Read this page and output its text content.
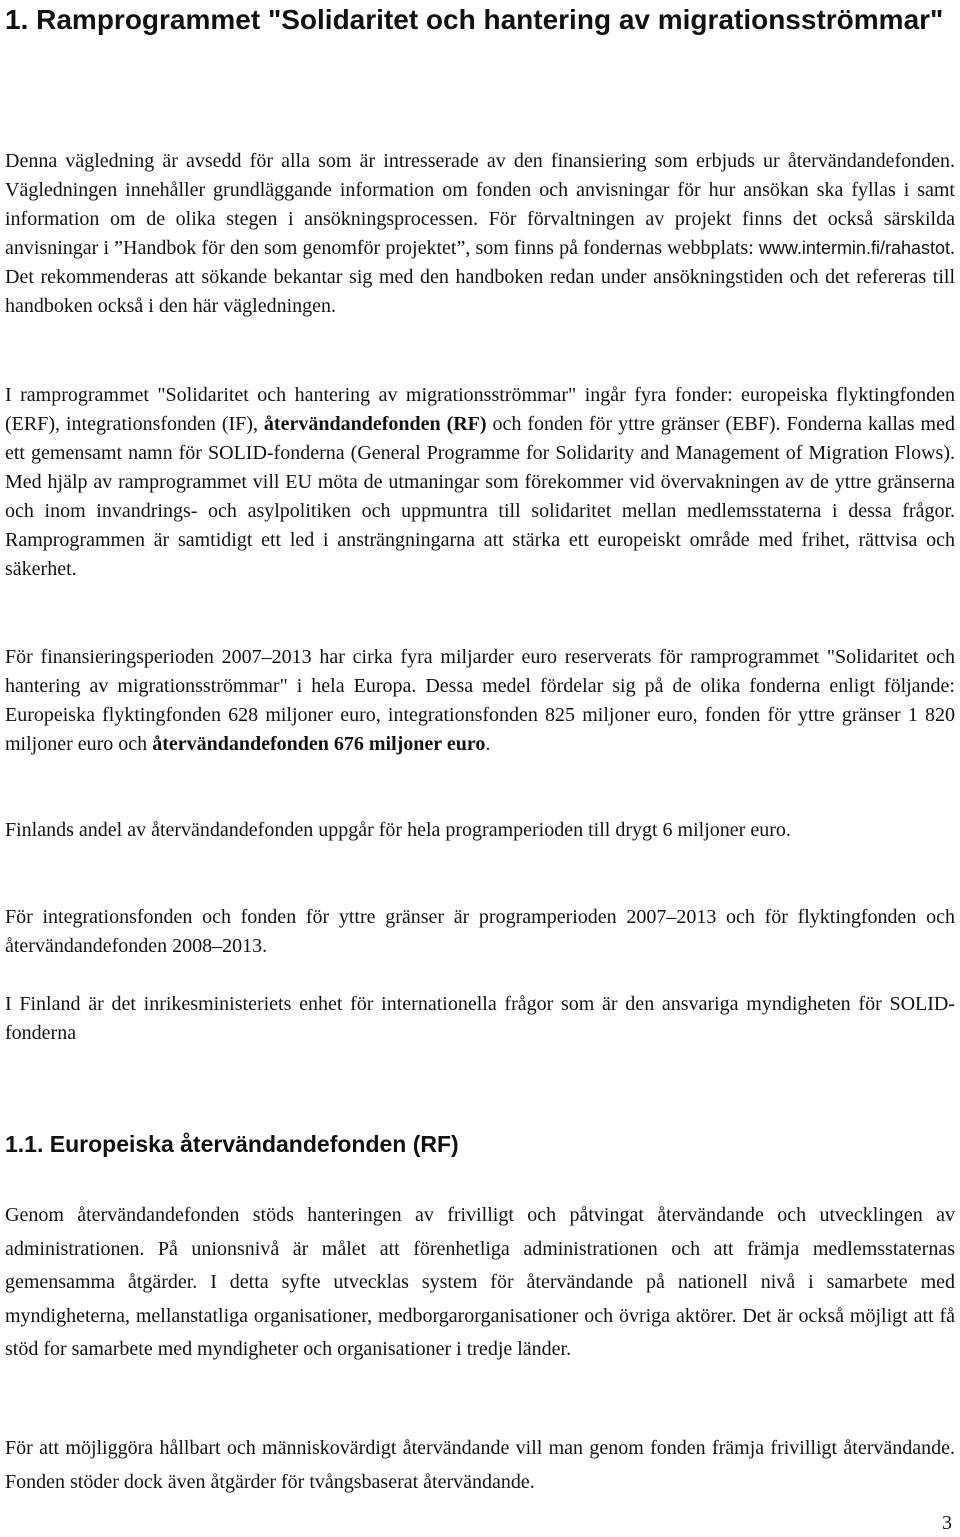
1. Ramprogrammet "Solidaritet och hantering av migrationsströmmar"

Denna vägledning är avsedd för alla som är intresserade av den finansiering som erbjuds ur återvändandefonden. Vägledningen innehåller grundläggande information om fonden och anvisningar för hur ansökan ska fyllas i samt information om de olika stegen i ansökningsprocessen. För förvaltningen av projekt finns det också särskilda anvisningar i ”Handbok för den som genomför projektet”, som finns på fondernas webbplats: www.intermin.fi/rahastot. Det rekommenderas att sökande bekantar sig med den handboken redan under ansökningstiden och det refereras till handboken också i den här vägledningen.

I ramprogrammet "Solidaritet och hantering av migrationsströmmar" ingår fyra fonder: europeiska flyktingfonden (ERF), integrationsfonden (IF), återvändandefonden (RF) och fonden för yttre gränser (EBF). Fonderna kallas med ett gemensamt namn för SOLID-fonderna (General Programme for Solidarity and Management of Migration Flows). Med hjälp av ramprogrammet vill EU möta de utmaningar som förekommer vid övervakningen av de yttre gränserna och inom invandrings- och asylpolitiken och uppmuntra till solidaritet mellan medlemsstaterna i dessa frågor. Ramprogrammen är samtidigt ett led i ansträngningarna att stärka ett europeiskt område med frihet, rättvisa och säkerhet.

För finansieringsperioden 2007–2013 har cirka fyra miljarder euro reserverats för ramprogrammet "Solidaritet och hantering av migrationsströmmar" i hela Europa. Dessa medel fördelar sig på de olika fonderna enligt följande: Europeiska flyktingfonden 628 miljoner euro, integrationsfonden 825 miljoner euro, fonden för yttre gränser 1 820 miljoner euro och återvändandefonden 676 miljoner euro.

Finlands andel av återvändandefonden uppgår för hela programperioden till drygt 6 miljoner euro.

För integrationsfonden och fonden för yttre gränser är programperioden 2007–2013 och för flyktingfonden och återvändandefonden 2008–2013.

I Finland är det inrikesministeriets enhet för internationella frågor som är den ansvariga myndigheten för SOLID-fonderna

1.1. Europeiska återvändandefonden (RF)

Genom återvändandefonden stöds hanteringen av frivilligt och påtvingat återvändande och utvecklingen av administrationen. På unionsnivå är målet att förenhetliga administrationen och att främja medlemsstaternas gemensamma åtgärder. I detta syfte utvecklas system för återvändande på nationell nivå i samarbete med myndigheterna, mellanstatliga organisationer, medborgarorganisationer och övriga aktörer. Det är också möjligt att få stöd for samarbete med myndigheter och organisationer i tredje länder.

För att möjliggöra hållbart och människovärdigt återvändande vill man genom fonden främja frivilligt återvändande. Fonden stöder dock även åtgärder för tvångsbaserat återvändande.

3
